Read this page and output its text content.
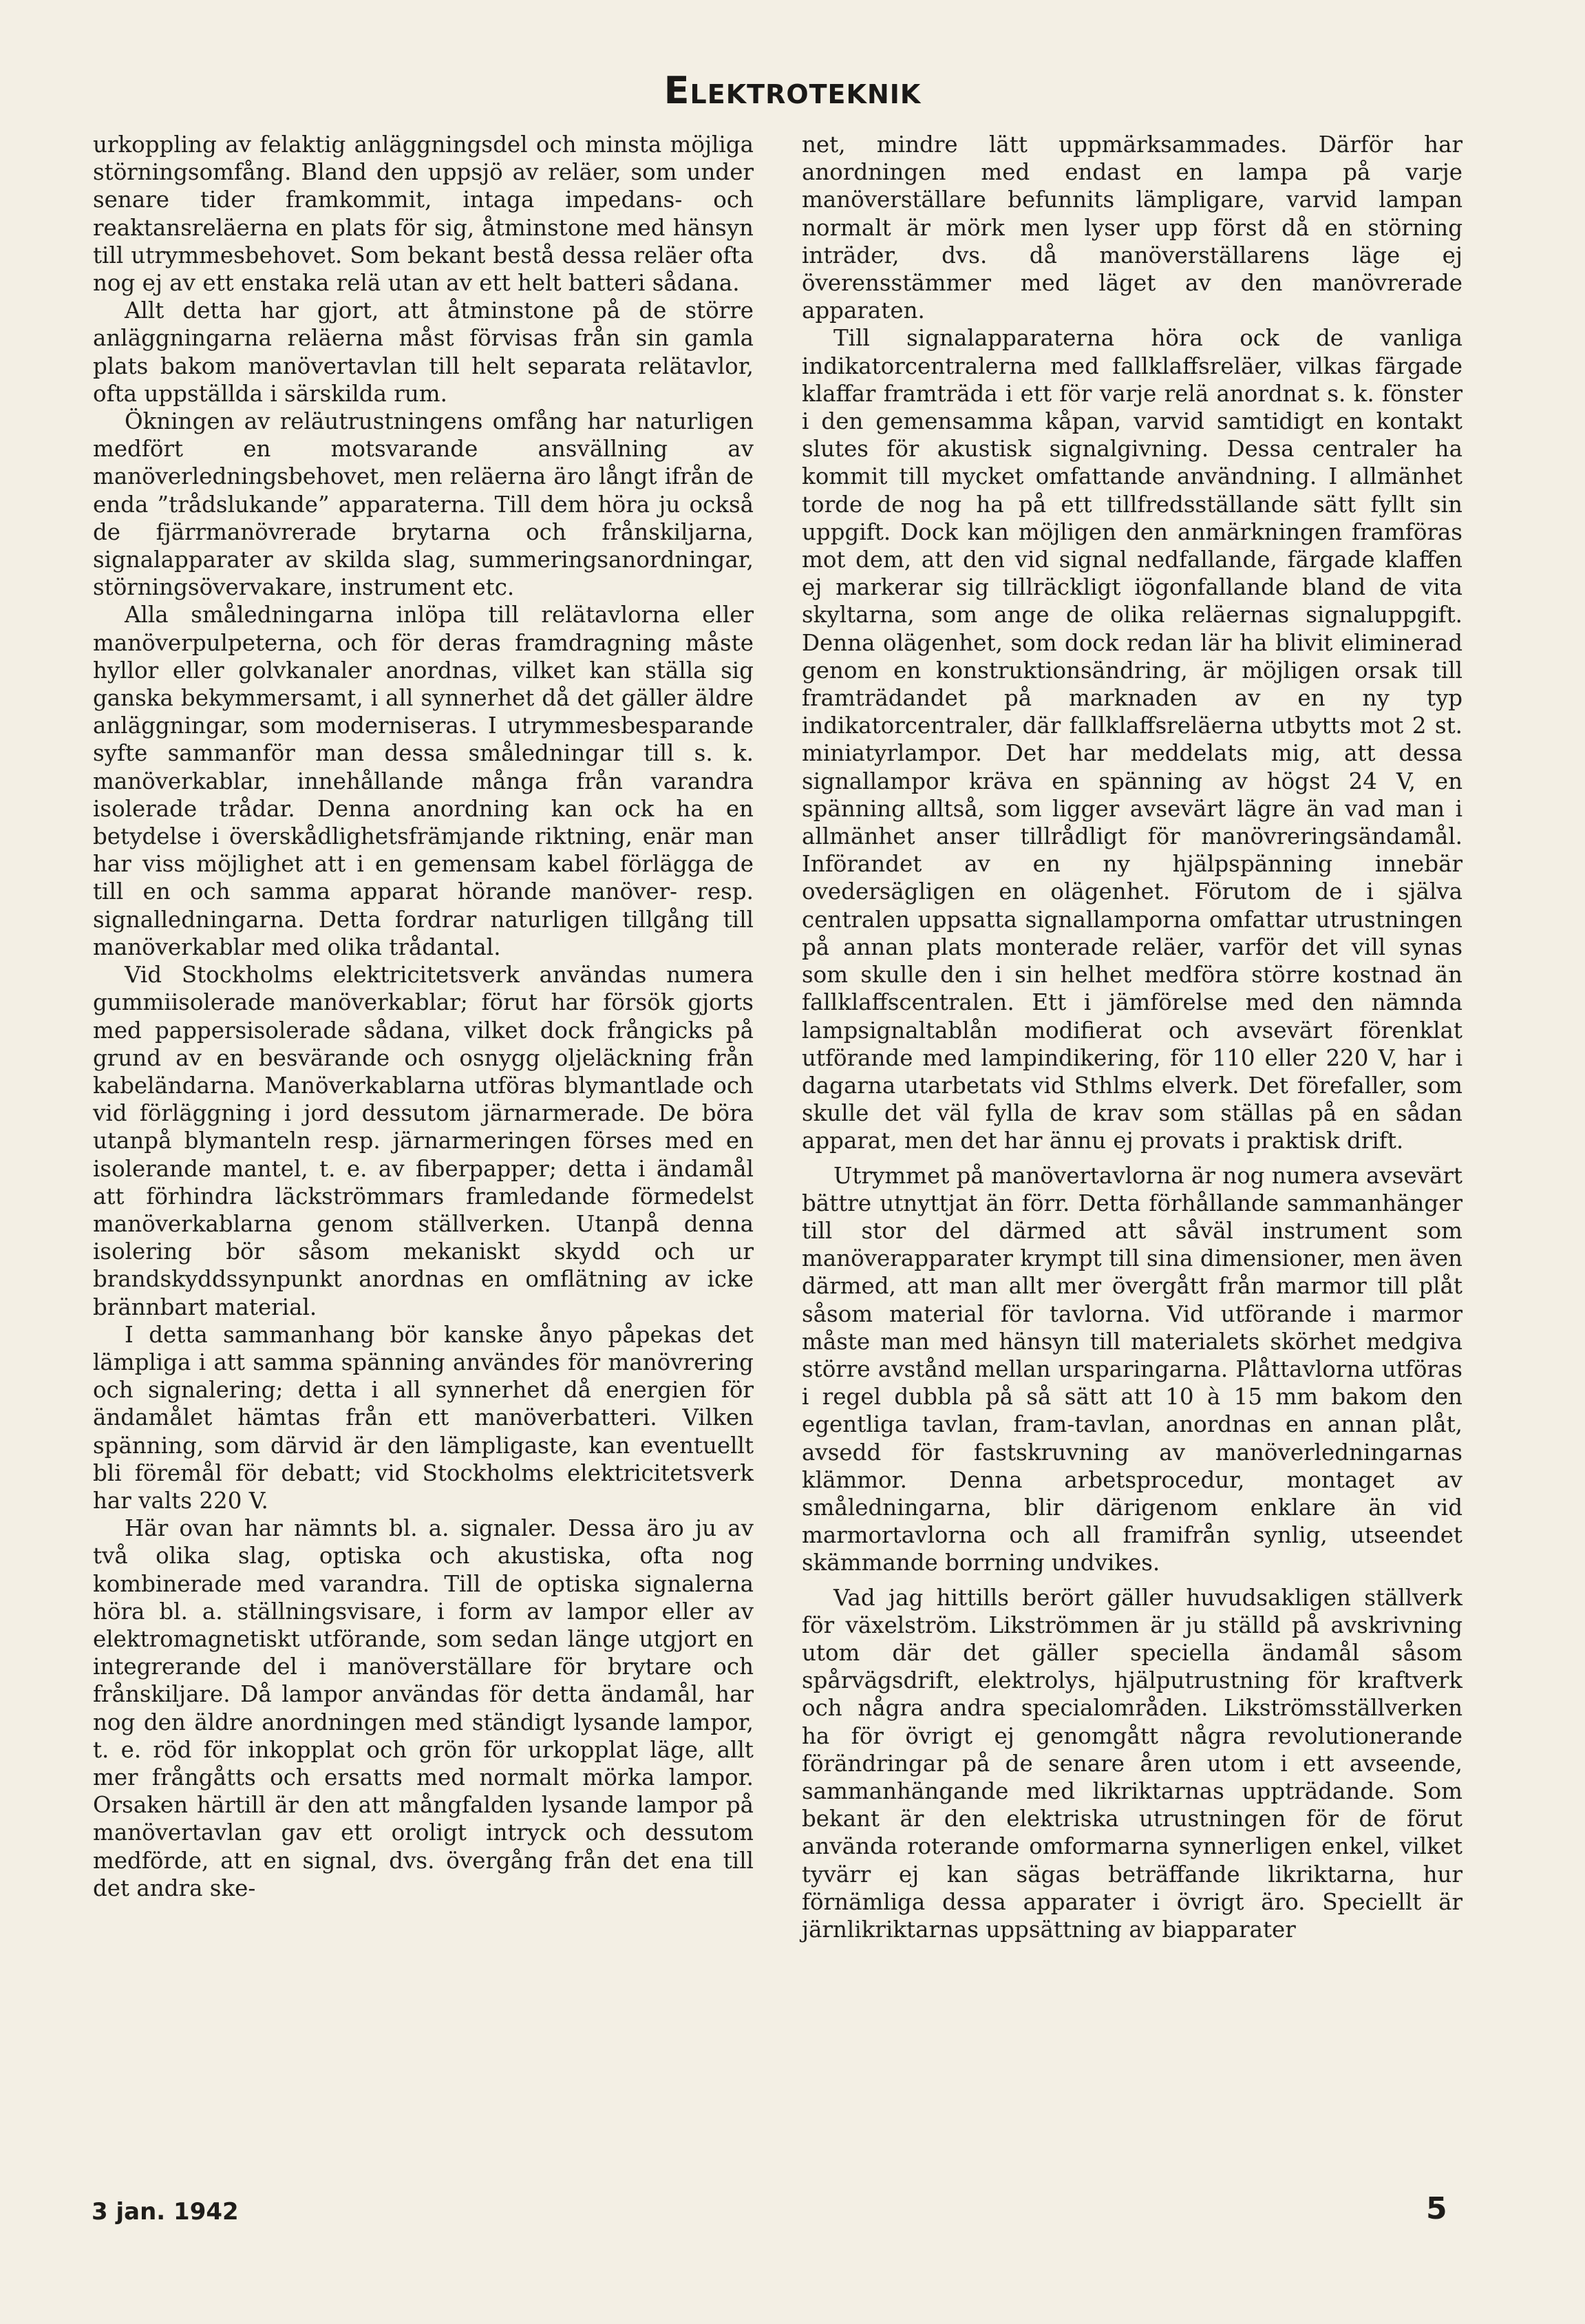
Elektroteknik

urkoppling av felaktig anläggningsdel och minsta möjliga störningsomfång. Bland den uppsjö av reläer, som under senare tider framkommit, intaga impedans- och reaktansreläerna en plats för sig, åtminstone med hänsyn till utrymmesbehovet. Som bekant bestå dessa reläer ofta nog ej av ett enstaka relä utan av ett helt batteri sådana.

Allt detta har gjort, att åtminstone på de större anläggningarna reläerna måst förvisas från sin gamla plats bakom manövertavlan till helt separata relätavlor, ofta uppställda i särskilda rum.

Ökningen av reläutrustningens omfång har naturligen medfört en motsvarande ansvällning av manöverledningsbehovet, men reläerna äro långt ifrån de enda ”trådslukande” apparaterna. Till dem höra ju också de fjärrmanövrerade brytarna och frånskiljarna, signalapparater av skilda slag, summeringsanordningar, störningsövervakare, instrument etc.

Alla småledningarna inlöpa till relätavlorna eller manöverpulpeterna, och för deras framdragning måste hyllor eller golvkanaler anordnas, vilket kan ställa sig ganska bekymmersamt, i all synnerhet då det gäller äldre anläggningar, som moderniseras. I utrymmesbesparande syfte sammanför man dessa småledningar till s. k. manöverkablar, innehållande många från varandra isolerade trådar. Denna anordning kan ock ha en betydelse i överskådlighetsfrämjande riktning, enär man har viss möjlighet att i en gemensam kabel förlägga de till en och samma apparat hörande manöver- resp. signalledningarna. Detta fordrar naturligen tillgång till manöverkablar med olika trådantal.

Vid Stockholms elektricitetsverk användas numera gummiisolerade manöverkablar; förut har försök gjorts med pappersisolerade sådana, vilket dock frångicks på grund av en besvärande och osnygg oljeläckning från kabeländarna. Manöverkablarna utföras blymantlade och vid förläggning i jord dessutom järnarmerade. De böra utanpå blymanteln resp. järnarmeringen förses med en isolerande mantel, t. e. av fiberpapper; detta i ändamål att förhindra läckströmmars framledande förmedelst manöverkablarna genom ställverken. Utanpå denna isolering bör såsom mekaniskt skydd och ur brandskyddssynpunkt anordnas en omflätning av icke brännbart material.

I detta sammanhang bör kanske ånyo påpekas det lämpliga i att samma spänning användes för manövrering och signalering; detta i all synnerhet då energien för ändamålet hämtas från ett manöverbatteri. Vilken spänning, som därvid är den lämpligaste, kan eventuellt bli föremål för debatt; vid Stockholms elektricitetsverk har valts 220 V.

Här ovan har nämnts bl. a. signaler. Dessa äro ju av två olika slag, optiska och akustiska, ofta nog kombinerade med varandra. Till de optiska signalerna höra bl. a. ställningsvisare, i form av lampor eller av elektromagnetiskt utförande, som sedan länge utgjort en integrerande del i manöverställare för brytare och frånskiljare. Då lampor användas för detta ändamål, har nog den äldre anordningen med ständigt lysande lampor, t. e. röd för inkopplat och grön för urkopplat läge, allt mer frångåtts och ersatts med normalt mörka lampor. Orsaken härtill är den att mångfalden lysande lampor på manövertavlan gav ett oroligt intryck och dessutom medförde, att en signal, dvs. övergång från det ena till det andra ske-

net, mindre lätt uppmärksammades. Därför har anordningen med endast en lampa på varje manöverställare befunnits lämpligare, varvid lampan normalt är mörk men lyser upp först då en störning inträder, dvs. då manöverställarens läge ej överensstämmer med läget av den manövrerade apparaten.

Till signalapparaterna höra ock de vanliga indikatorcentralerna med fallklaffsreläer, vilkas färgade klaffar framträda i ett för varje relä anordnat s. k. fönster i den gemensamma kåpan, varvid samtidigt en kontakt slutes för akustisk signalgivning. Dessa centraler ha kommit till mycket omfattande användning. I allmänhet torde de nog ha på ett tillfredsställande sätt fyllt sin uppgift. Dock kan möjligen den anmärkningen framföras mot dem, att den vid signal nedfallande, färgade klaffen ej markerar sig tillräckligt iögonfallande bland de vita skyltarna, som ange de olika reläernas signaluppgift. Denna olägenhet, som dock redan lär ha blivit eliminerad genom en konstruktionsändring, är möjligen orsak till framträdandet på marknaden av en ny typ indikatorcentraler, där fallklaffsreläerna utbytts mot 2 st. miniatyrlampor. Det har meddelats mig, att dessa signallampor kräva en spänning av högst 24 V, en spänning alltså, som ligger avsevärt lägre än vad man i allmänhet anser tillrådligt för manövreringsändamål. Införandet av en ny hjälpspänning innebär ovedersägligen en olägenhet. Förutom de i själva centralen uppsatta signallamporna omfattar utrustningen på annan plats monterade reläer, varför det vill synas som skulle den i sin helhet medföra större kostnad än fallklaffscentralen. Ett i jämförelse med den nämnda lampsignaltablån modifierat och avsevärt förenklat utförande med lampindikering, för 110 eller 220 V, har i dagarna utarbetats vid Sthlms elverk. Det förefaller, som skulle det väl fylla de krav som ställas på en sådan apparat, men det har ännu ej provats i praktisk drift.

Utrymmet på manövertavlorna är nog numera avsevärt bättre utnyttjat än förr. Detta förhållande sammanhänger till stor del därmed att såväl instrument som manöverapparater krympt till sina dimensioner, men även därmed, att man allt mer övergått från marmor till plåt såsom material för tavlorna. Vid utförande i marmor måste man med hänsyn till materialets skörhet medgiva större avstånd mellan ursparingarna. Plåttavlorna utföras i regel dubbla på så sätt att 10 à 15 mm bakom den egentliga tavlan, fram-tavlan, anordnas en annan plåt, avsedd för fastskruvning av manöverledningarnas klämmor. Denna arbetsprocedur, montaget av småledningarna, blir därigenom enklare än vid marmortavlorna och all framifrån synlig, utseendet skämmande borrning undvikes.

Vad jag hittills berört gäller huvudsakligen ställverk för växelström. Likströmmen är ju ställd på avskrivning utom där det gäller speciella ändamål såsom spårvägsdrift, elektrolys, hjälputrustning för kraftverk och några andra specialområden. Likströmsställverken ha för övrigt ej genomgått några revolutionerande förändringar på de senare åren utom i ett avseende, sammanhängande med likriktarnas uppträdande. Som bekant är den elektriska utrustningen för de förut använda roterande omformarna synnerligen enkel, vilket tyvärr ej kan sägas beträffande likriktarna, hur förnämliga dessa apparater i övrigt äro. Speciellt är järnlikriktarnas uppsättning av biapparater

3 jan. 1942	5
